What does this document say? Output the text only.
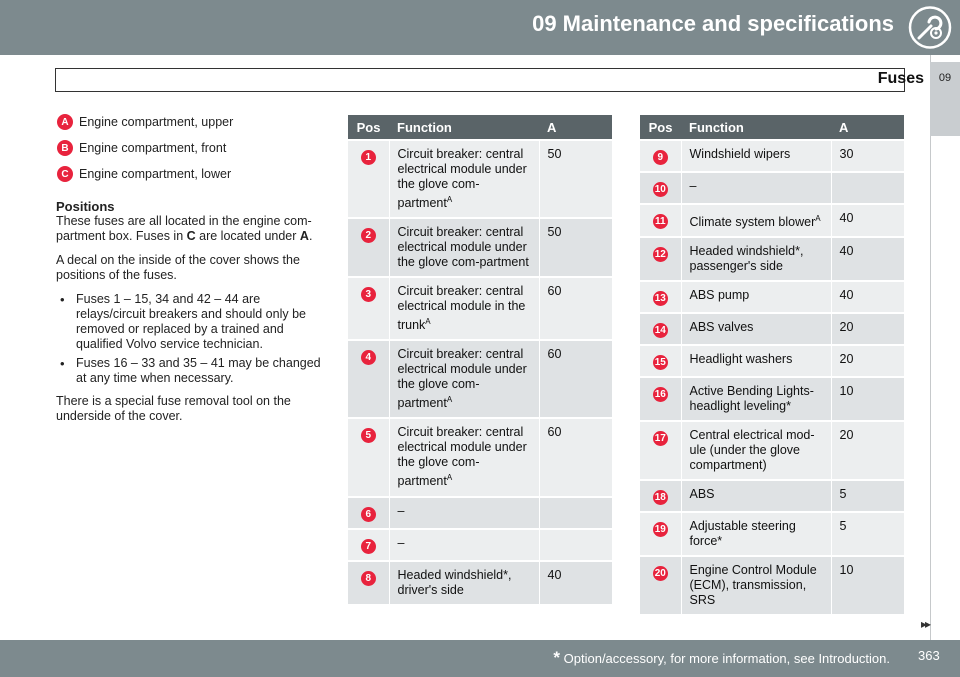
09 Maintenance and specifications
09
Fuses
A Engine compartment, upper
B Engine compartment, front
C Engine compartment, lower
Positions

These fuses are all located in the engine com-partment box. Fuses in C are located under A.

A decal on the inside of the cover shows the positions of the fuses.

• Fuses 1 – 15, 34 and 42 – 44 are relays/circuit breakers and should only be removed or replaced by a trained and qualified Volvo service technician.
• Fuses 16 – 33 and 35 – 41 may be changed at any time when necessary.

There is a special fuse removal tool on the underside of the cover.

Pos	Function	A
1	Circuit breaker: central electrical module under the glove com-partment$^A$	50
2	Circuit breaker: central electrical module under the glove com-partment	50
3	Circuit breaker: central electrical module in the trunk$^A$	60
4	Circuit breaker: central electrical module under the glove com-partment$^A$	60
5	Circuit breaker: central electrical module under the glove com-partment$^A$	60
6	–	
7	–	
8	Headed windshield*, driver's side	40
Pos	Function	A
9	Windshield wipers	30
10	–	
11	Climate system blower$^A$	40
12	Headed windshield*, passenger's side	40
13	ABS pump	40
14	ABS valves	20
15	Headlight washers	20
16	Active Bending Lights-headlight leveling*	10
17	Central electrical mod-ule (under the glove compartment)	20
18	ABS	5
19	Adjustable steering force*	5
20	Engine Control Module (ECM), transmission, SRS	10
▸▸
* Option/accessory, for more information, see Introduction. 363
